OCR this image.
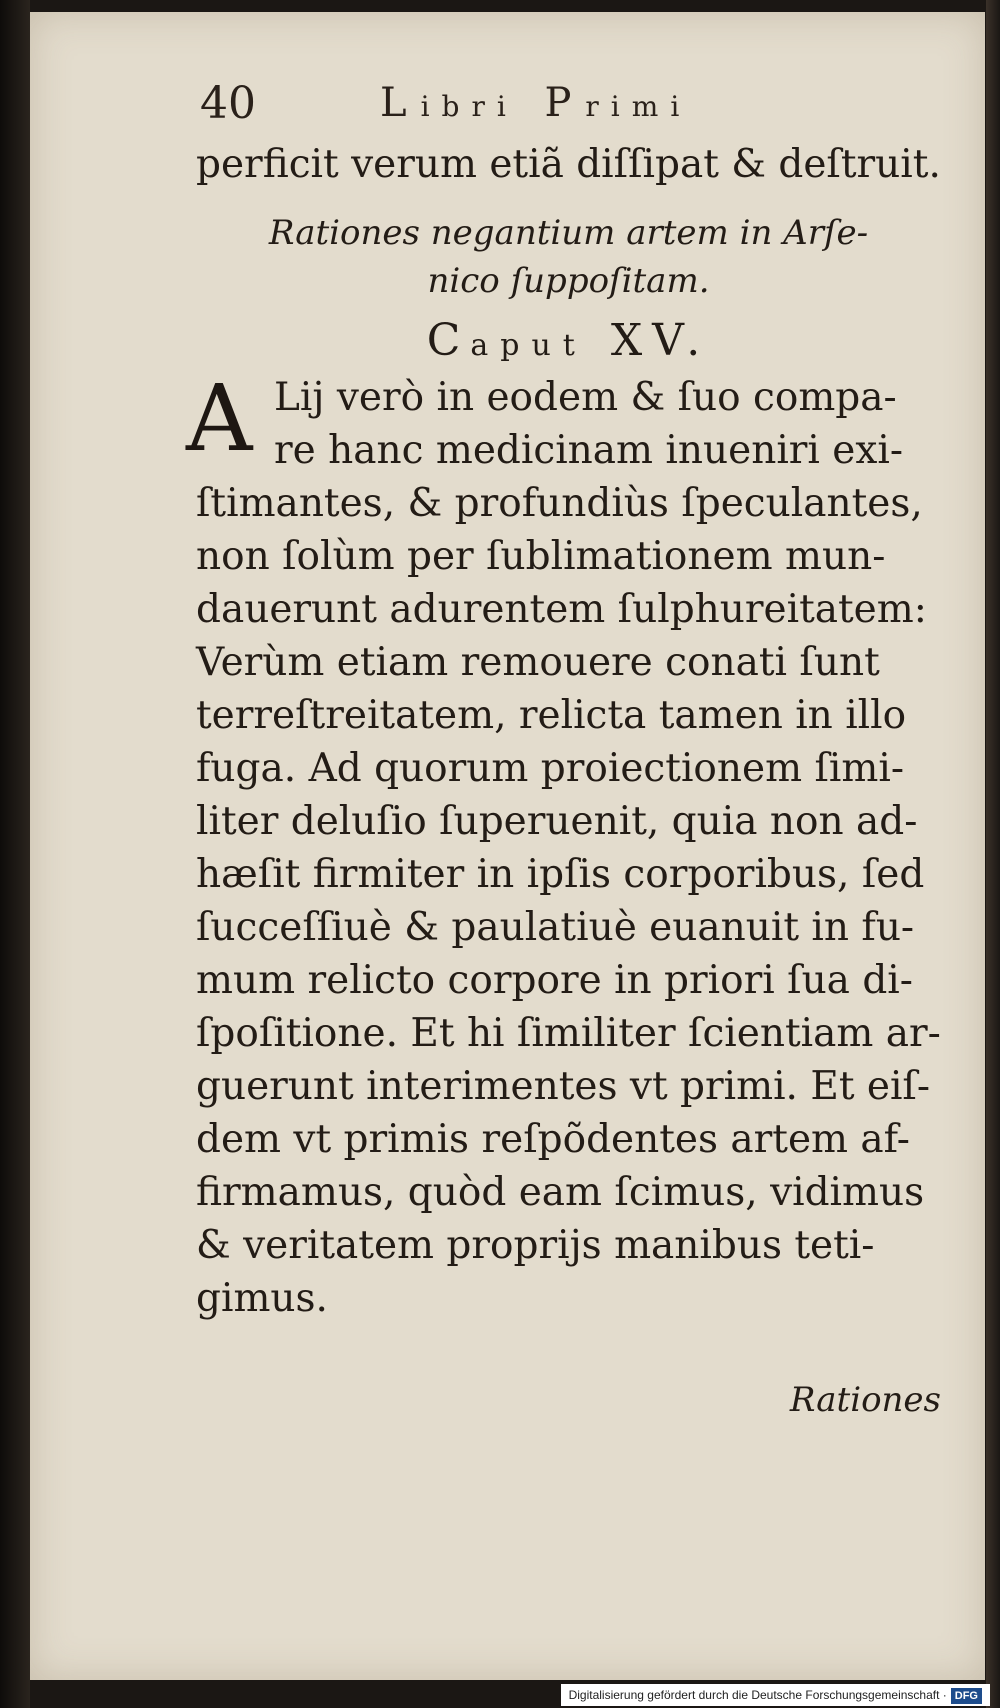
40	Libri Primi
perficit verum etiã diſſipat & deſtruit.
Rationes negantium artem in Arſe-
nico ſuppoſitam.
Caput XV.
A Lij verò in eodem & ſuo compa-
re hanc medicinam inueniri exi-
ſtimantes, & profundiùs ſpeculantes,
non ſolùm per ſublimationem mun-
dauerunt adurentem ſulphureitatem:
Verùm etiam remouere conati ſunt
terreſtreitatem, relicta tamen in illo
fuga. Ad quorum proiectionem ſimi-
liter deluſio ſuperuenit, quia non ad-
hæſit firmiter in ipſis corporibus, ſed
ſucceſſiuè & paulatiuè euanuit in fu-
mum relicto corpore in priori ſua di-
ſpoſitione. Et hi ſimiliter ſcientiam ar-
guerunt interimentes vt primi. Et eiſ-
dem vt primis reſpõdentes artem af-
firmamus, quòd eam ſcimus, vidimus
& veritatem proprijs manibus teti-
gimus.
Rationes
Digitalisierung gefördert durch die Deutsche Forschungsgemeinschaft · DFG
